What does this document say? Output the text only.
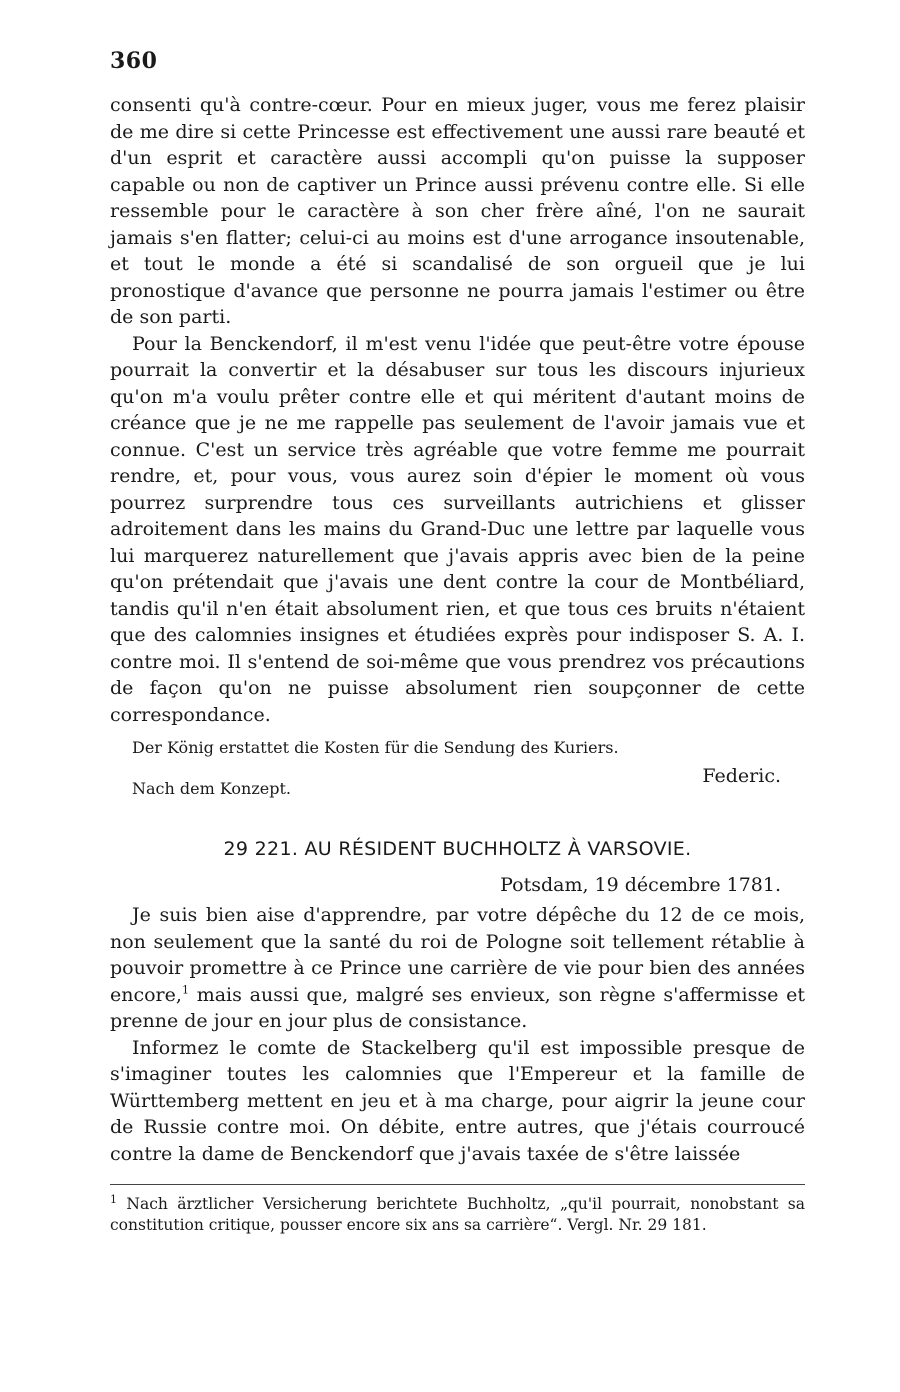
360

consenti qu'à contre-cœur. Pour en mieux juger, vous me ferez plaisir de me dire si cette Princesse est effectivement une aussi rare beauté et d'un esprit et caractère aussi accompli qu'on puisse la supposer capable ou non de captiver un Prince aussi prévenu contre elle. Si elle ressemble pour le caractère à son cher frère aîné, l'on ne saurait jamais s'en flatter; celui-ci au moins est d'une arrogance insoutenable, et tout le monde a été si scandalisé de son orgueil que je lui pronostique d'avance que personne ne pourra jamais l'estimer ou être de son parti.

Pour la Benckendorf, il m'est venu l'idée que peut-être votre épouse pourrait la convertir et la désabuser sur tous les discours injurieux qu'on m'a voulu prêter contre elle et qui méritent d'autant moins de créance que je ne me rappelle pas seulement de l'avoir jamais vue et connue. C'est un service très agréable que votre femme me pourrait rendre, et, pour vous, vous aurez soin d'épier le moment où vous pourrez surprendre tous ces surveillants autrichiens et glisser adroitement dans les mains du Grand-Duc une lettre par laquelle vous lui marquerez naturellement que j'avais appris avec bien de la peine qu'on prétendait que j'avais une dent contre la cour de Montbéliard, tandis qu'il n'en était absolument rien, et que tous ces bruits n'étaient que des calomnies insignes et étudiées exprès pour indisposer S. A. I. contre moi. Il s'entend de soi-même que vous prendrez vos précautions de façon qu'on ne puisse absolument rien soupçonner de cette correspondance.

Der König erstattet die Kosten für die Sendung des Kuriers.
Nach dem Konzept.
Federic.
29 221. AU RÉSIDENT BUCHHOLTZ À VARSOVIE.
Potsdam, 19 décembre 1781.

Je suis bien aise d'apprendre, par votre dépêche du 12 de ce mois, non seulement que la santé du roi de Pologne soit tellement rétablie à pouvoir promettre à ce Prince une carrière de vie pour bien des années encore,$^1$ mais aussi que, malgré ses envieux, son règne s'affermisse et prenne de jour en jour plus de consistance.

Informez le comte de Stackelberg qu'il est impossible presque de s'imaginer toutes les calomnies que l'Empereur et la famille de Württemberg mettent en jeu et à ma charge, pour aigrir la jeune cour de Russie contre moi. On débite, entre autres, que j'étais courroucé contre la dame de Benckendorf que j'avais taxée de s'être laissée

$^1$ Nach ärztlicher Versicherung berichtete Buchholtz, „qu'il pourrait, nonobstant sa constitution critique, pousser encore six ans sa carrière“. Vergl. Nr. 29 181.
